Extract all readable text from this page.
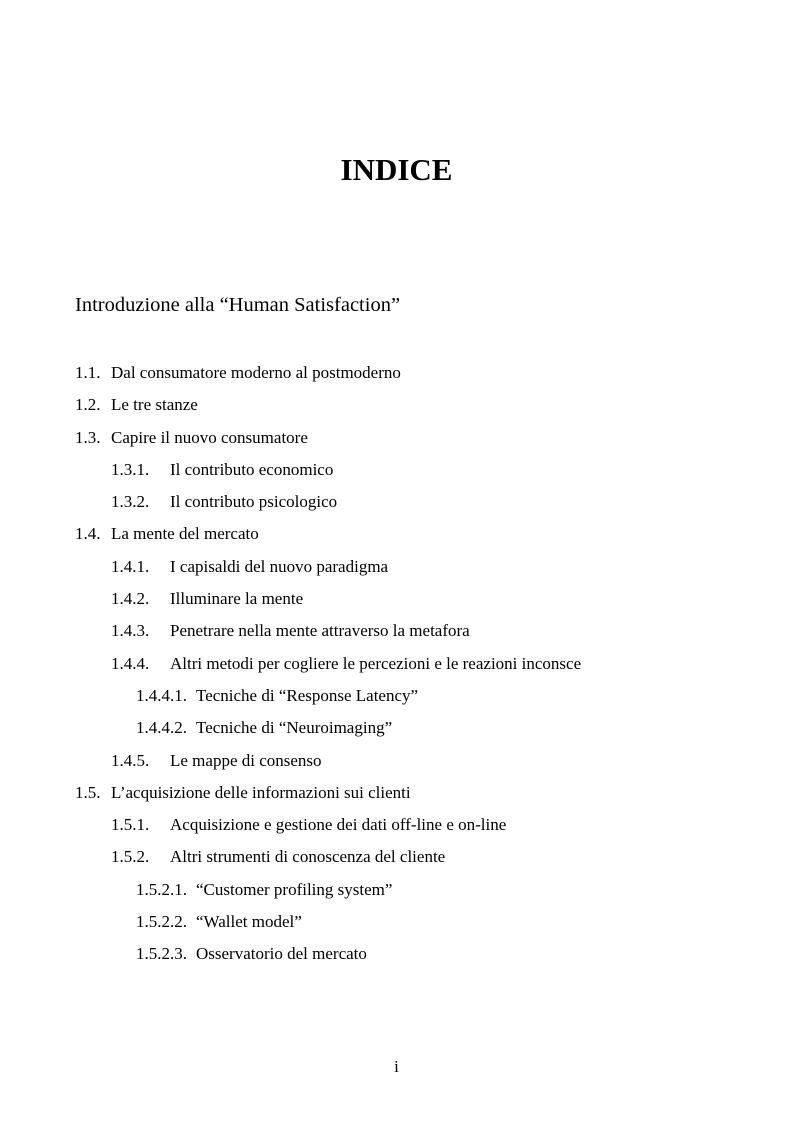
INDICE
Introduzione alla “Human Satisfaction”
1.1. Dal consumatore moderno al postmoderno
1.2. Le tre stanze
1.3. Capire il nuovo consumatore
1.3.1. Il contributo economico
1.3.2. Il contributo psicologico
1.4. La mente del mercato
1.4.1. I capisaldi del nuovo paradigma
1.4.2. Illuminare la mente
1.4.3. Penetrare nella mente attraverso la metafora
1.4.4. Altri metodi per cogliere le percezioni e le reazioni inconsce
1.4.4.1. Tecniche di “Response Latency”
1.4.4.2. Tecniche di “Neuroimaging”
1.4.5. Le mappe di consenso
1.5. L’acquisizione delle informazioni sui clienti
1.5.1. Acquisizione e gestione dei dati off-line e on-line
1.5.2. Altri strumenti di conoscenza del cliente
1.5.2.1. “Customer profiling system”
1.5.2.2. “Wallet model”
1.5.2.3. Osservatorio del mercato
i
